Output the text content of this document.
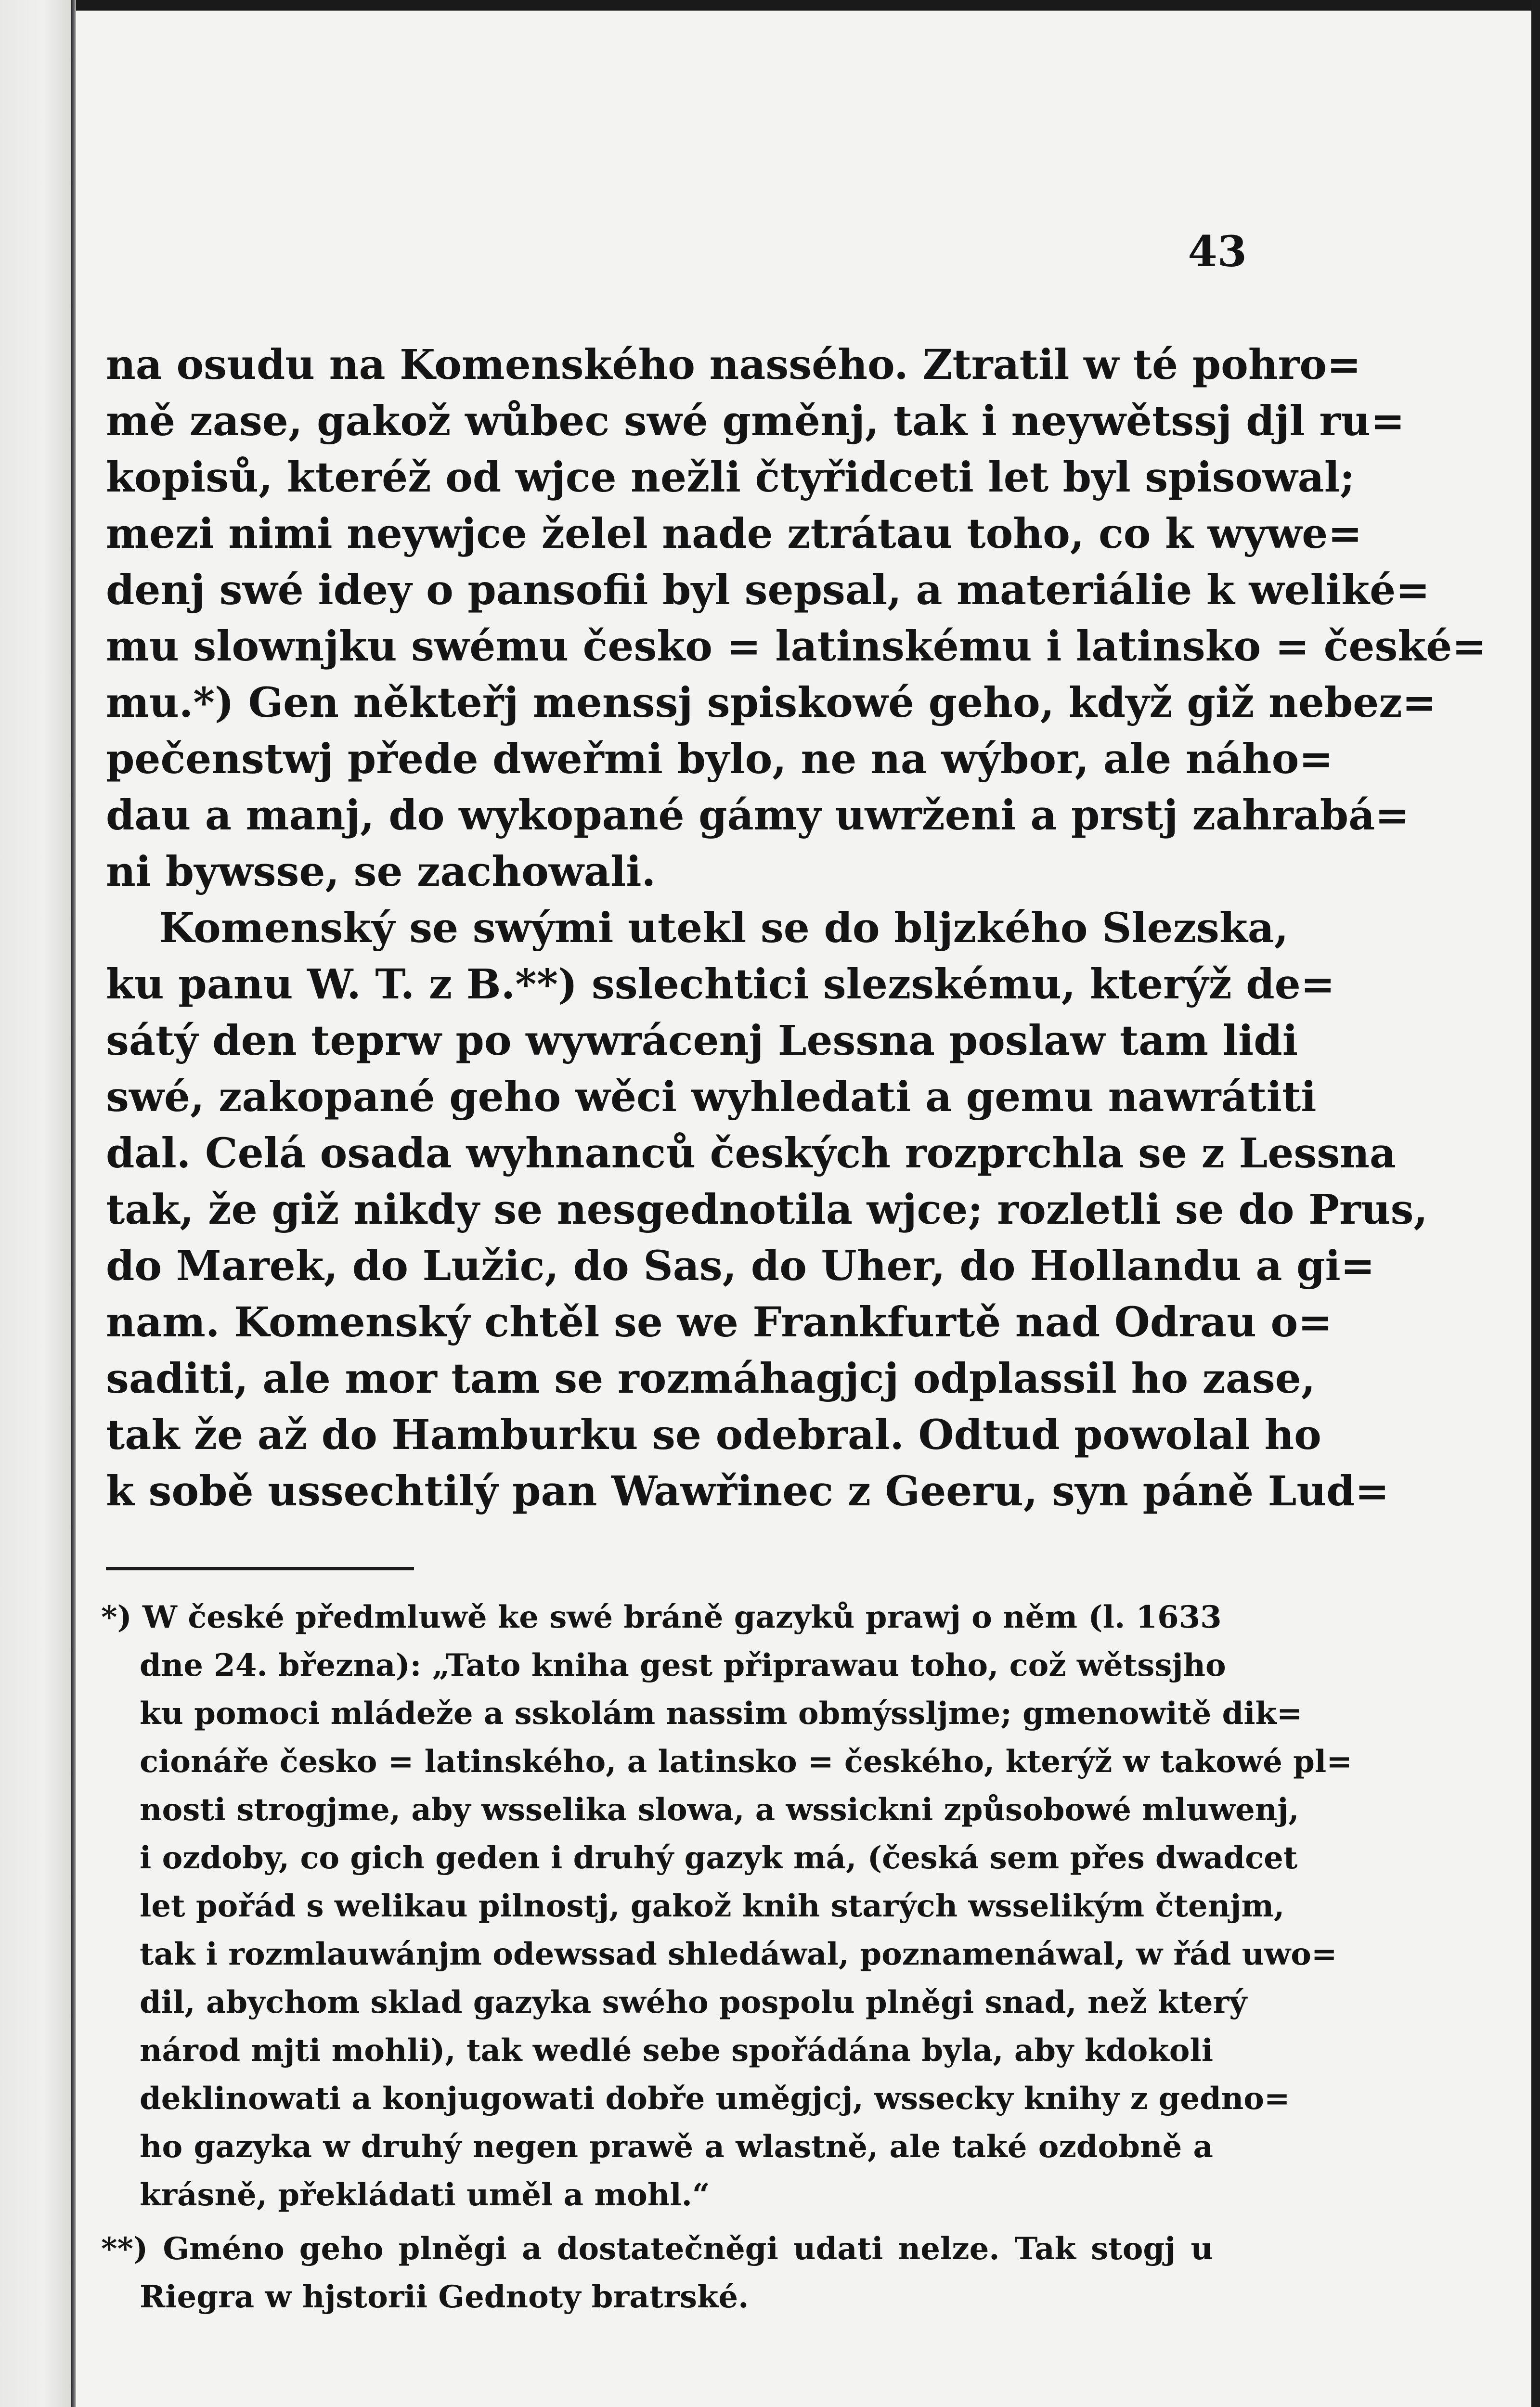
43
na osudu na Komenského nassého. Ztratil w té pohro=
mě zase, gakož wůbec swé gměnj, tak i neywětssj djl ru=
kopisů, kteréž od wjce nežli čtyřidceti let byl spisowal;
mezi nimi neywjce želel nade ztrátau toho, co k wywe=
denj swé idey o pansofii byl sepsal, a materiálie k weliké=
mu slownjku swému česko = latinskému i latinsko = české=
mu.*) Gen někteřj menssj spiskowé geho, když giž nebez=
pečenstwj přede dweřmi bylo, ne na wýbor, ale náho=
dau a manj, do wykopané gámy uwrženi a prstj zahrabá=
ni bywsse, se zachowali.
Komenský se swými utekl se do bljzkého Slezska,
ku panu W. T. z B.**) sslechtici slezskému, kterýž de=
sátý den teprw po wywrácenj Lessna poslaw tam lidi
swé, zakopané geho wěci wyhledati a gemu nawrátiti
dal. Celá osada wyhnanců českých rozprchla se z Lessna
tak, že giž nikdy se nesgednotila wjce; rozletli se do Prus,
do Marek, do Lužic, do Sas, do Uher, do Hollandu a gi=
nam. Komenský chtěl se we Frankfurtě nad Odrau o=
saditi, ale mor tam se rozmáhagjcj odplassil ho zase,
tak že až do Hamburku se odebral. Odtud powolal ho
k sobě ussechtilý pan Wawřinec z Geeru, syn páně Lud=
*) W české předmluwě ke swé bráně gazyků prawj o něm (l. 1633
dne 24. března): „Tato kniha gest připrawau toho, což wětssjho
ku pomoci mládeže a sskolám nassim obmýssljme; gmenowitě dik=
cionáře česko = latinského, a latinsko = českého, kterýž w takowé pl=
nosti strogjme, aby wsselika slowa, a wssickni způsobowé mluwenj,
i ozdoby, co gich geden i druhý gazyk má, (česká sem přes dwadcet
let pořád s welikau pilnostj, gakož knih starých wsselikým čtenjm,
tak i rozmlauwánjm odewssad shledáwal, poznamenáwal, w řád uwo=
dil, abychom sklad gazyka swého pospolu plněgi snad, než který
národ mjti mohli), tak wedlé sebe spořádána byla, aby kdokoli
deklinowati a konjugowati dobře uměgjcj, wssecky knihy z gedno=
ho gazyka w druhý negen prawě a wlastně, ale také ozdobně a
krásně, překládati uměl a mohl.“
**) Gméno geho plněgi a dostatečněgi udati nelze. Tak stogj u
Riegra w hjstorii Gednoty bratrské.
